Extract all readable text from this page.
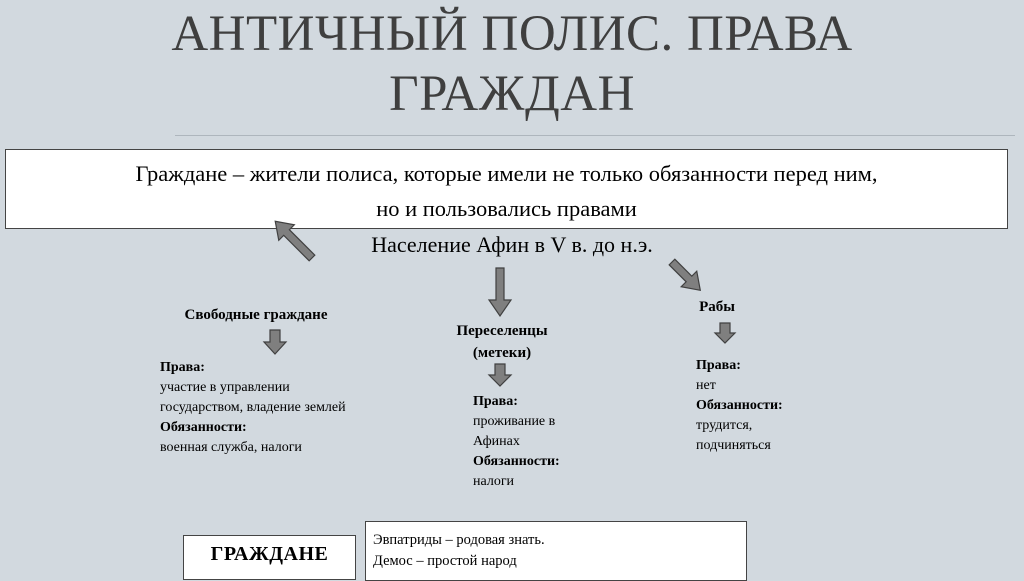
АНТИЧНЫЙ ПОЛИС. ПРАВА
ГРАЖДАН
Граждане – жители полиса, которые имели не только обязанности перед ним,
но и пользовались правами
Население Афин в V в. до н.э.
Свободные граждане
Права:
участие в управлении
государством, владение землей
Обязанности:
военная служба, налоги
Переселенцы
(метеки)
Права:
проживание в
Афинах
Обязанности:
налоги
Рабы
Права:
нет
Обязанности:
трудится,
подчиняться
ГРАЖДАНЕ
Эвпатриды – родовая знать.
Демос – простой народ
